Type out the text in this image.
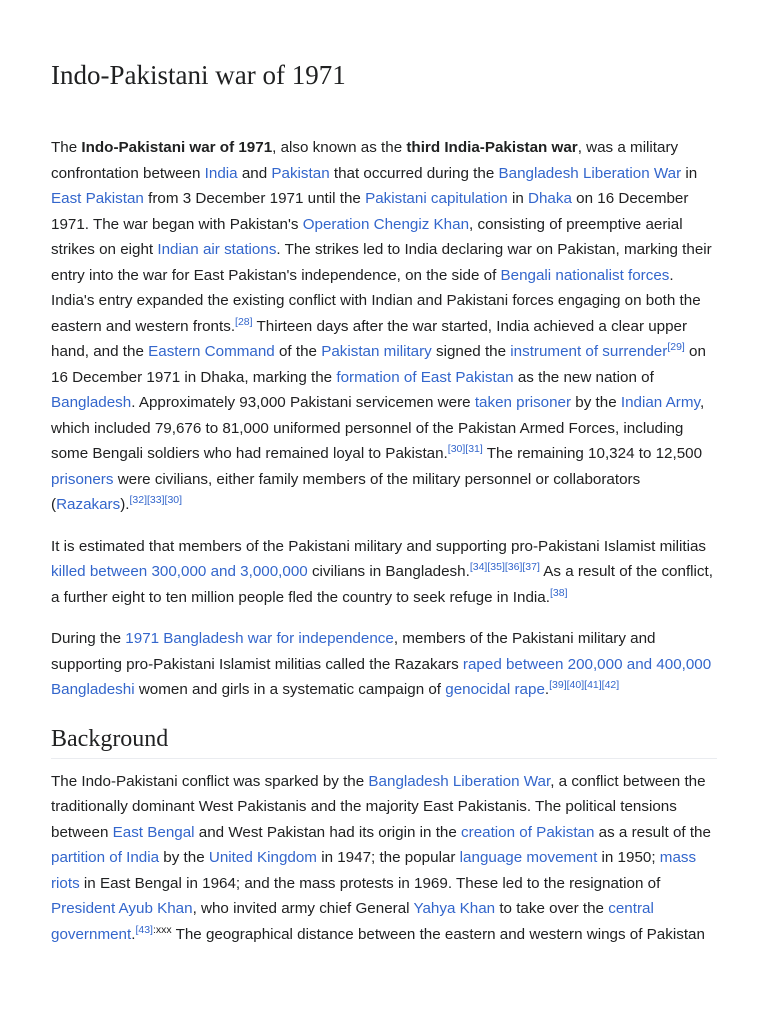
Indo-Pakistani war of 1971

The Indo-Pakistani war of 1971, also known as the third India-Pakistan war, was a military confrontation between India and Pakistan that occurred during the Bangladesh Liberation War in East Pakistan from 3 December 1971 until the Pakistani capitulation in Dhaka on 16 December 1971. The war began with Pakistan's Operation Chengiz Khan, consisting of preemptive aerial strikes on eight Indian air stations. The strikes led to India declaring war on Pakistan, marking their entry into the war for East Pakistan's independence, on the side of Bengali nationalist forces. India's entry expanded the existing conflict with Indian and Pakistani forces engaging on both the eastern and western fronts.[28] Thirteen days after the war started, India achieved a clear upper hand, and the Eastern Command of the Pakistan military signed the instrument of surrender[29] on 16 December 1971 in Dhaka, marking the formation of East Pakistan as the new nation of Bangladesh. Approximately 93,000 Pakistani servicemen were taken prisoner by the Indian Army, which included 79,676 to 81,000 uniformed personnel of the Pakistan Armed Forces, including some Bengali soldiers who had remained loyal to Pakistan.[30][31] The remaining 10,324 to 12,500 prisoners were civilians, either family members of the military personnel or collaborators (Razakars).[32][33][30]

It is estimated that members of the Pakistani military and supporting pro-Pakistani Islamist militias killed between 300,000 and 3,000,000 civilians in Bangladesh.[34][35][36][37] As a result of the conflict, a further eight to ten million people fled the country to seek refuge in India.[38]

During the 1971 Bangladesh war for independence, members of the Pakistani military and supporting pro-Pakistani Islamist militias called the Razakars raped between 200,000 and 400,000 Bangladeshi women and girls in a systematic campaign of genocidal rape.[39][40][41][42]

Background

The Indo-Pakistani conflict was sparked by the Bangladesh Liberation War, a conflict between the traditionally dominant West Pakistanis and the majority East Pakistanis. The political tensions between East Bengal and West Pakistan had its origin in the creation of Pakistan as a result of the partition of India by the United Kingdom in 1947; the popular language movement in 1950; mass riots in East Bengal in 1964; and the mass protests in 1969. These led to the resignation of President Ayub Khan, who invited army chief General Yahya Khan to take over the central government.$^{[43]:xxx}$ The geographical distance between the eastern and western wings of Pakistan
